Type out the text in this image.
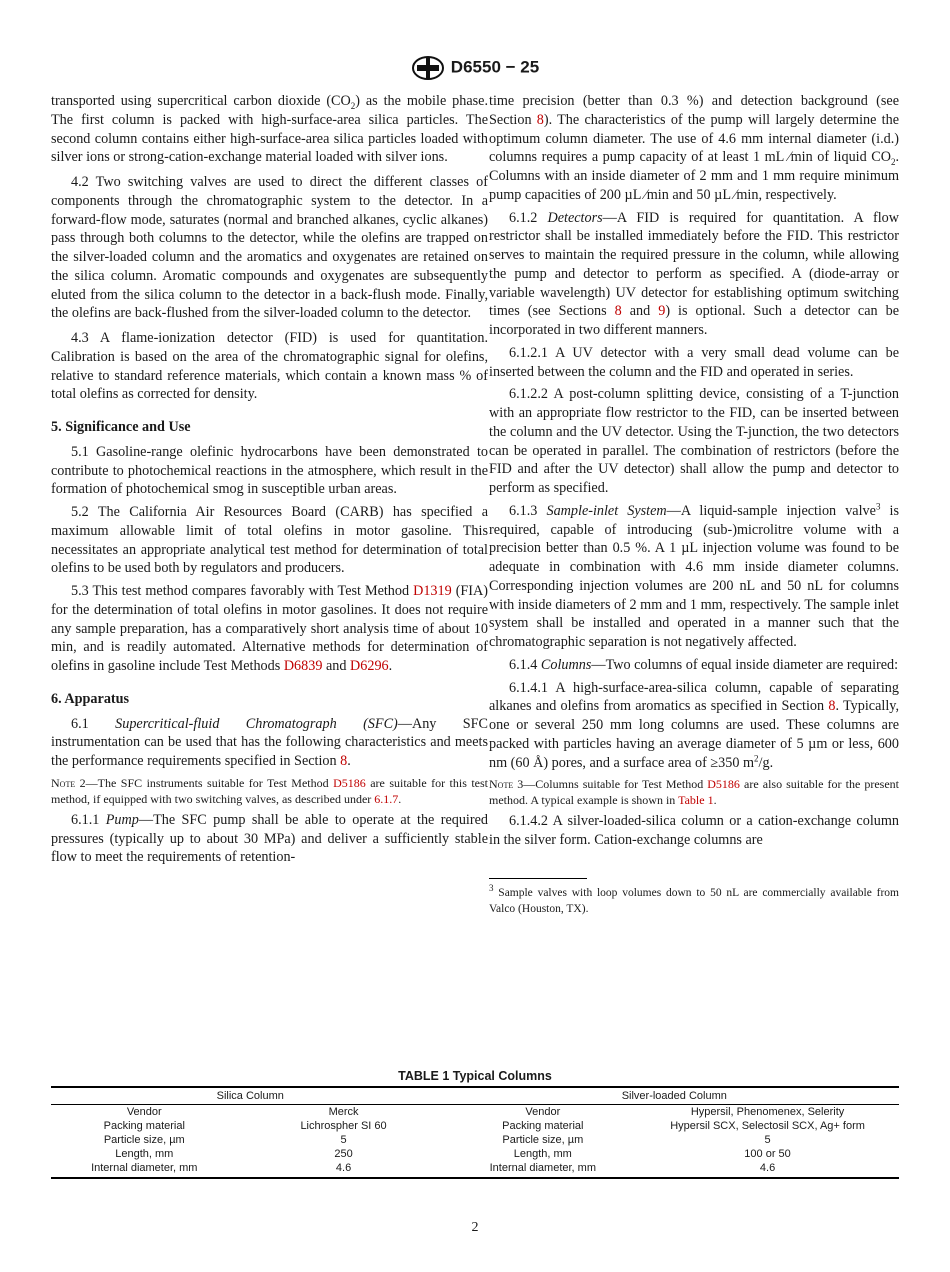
D6550 − 25

transported using supercritical carbon dioxide $(CO_2)$ as the mobile phase. The first column is packed with high-surface-area silica particles. The second column contains either high-surface-area silica particles loaded with silver ions or strong-cation-exchange material loaded with silver ions.

4.2 Two switching valves are used to direct the different classes of components through the chromatographic system to the detector. In a forward-flow mode, saturates (normal and branched alkanes, cyclic alkanes) pass through both columns to the detector, while the olefins are trapped on the silver-loaded column and the aromatics and oxygenates are retained on the silica column. Aromatic compounds and oxygenates are subsequently eluted from the silica column to the detector in a back-flush mode. Finally, the olefins are back-flushed from the silver-loaded column to the detector.

4.3 A flame-ionization detector (FID) is used for quantitation. Calibration is based on the area of the chromatographic signal for olefins, relative to standard reference materials, which contain a known mass % of total olefins as corrected for density.

5. Significance and Use

5.1 Gasoline-range olefinic hydrocarbons have been demonstrated to contribute to photochemical reactions in the atmosphere, which result in the formation of photochemical smog in susceptible urban areas.

5.2 The California Air Resources Board (CARB) has specified a maximum allowable limit of total olefins in motor gasoline. This necessitates an appropriate analytical test method for determination of total olefins to be used both by regulators and producers.

5.3 This test method compares favorably with Test Method D1319 (FIA) for the determination of total olefins in motor gasolines. It does not require any sample preparation, has a comparatively short analysis time of about 10 min, and is readily automated. Alternative methods for determination of olefins in gasoline include Test Methods D6839 and D6296.

6. Apparatus

6.1 Supercritical-fluid Chromatograph (SFC)—Any SFC instrumentation can be used that has the following characteristics and meets the performance requirements specified in Section 8.

Note 2—The SFC instruments suitable for Test Method D5186 are suitable for this test method, if equipped with two switching valves, as described under 6.1.7.

6.1.1 Pump—The SFC pump shall be able to operate at the required pressures (typically up to about 30 MPa) and deliver a sufficiently stable flow to meet the requirements of retention-

time precision (better than 0.3 %) and detection background (see Section 8). The characteristics of the pump will largely determine the optimum column diameter. The use of 4.6 mm internal diameter (i.d.) columns requires a pump capacity of at least 1 mL ⁄min of liquid $CO_2$. Columns with an inside diameter of 2 mm and 1 mm require minimum pump capacities of 200 µL ⁄min and 50 µL ⁄min, respectively.

6.1.2 Detectors—A FID is required for quantitation. A flow restrictor shall be installed immediately before the FID. This restrictor serves to maintain the required pressure in the column, while allowing the pump and detector to perform as specified. A (diode-array or variable wavelength) UV detector for establishing optimum switching times (see Sections 8 and 9) is optional. Such a detector can be incorporated in two different manners.

6.1.2.1 A UV detector with a very small dead volume can be inserted between the column and the FID and operated in series.

6.1.2.2 A post-column splitting device, consisting of a T-junction with an appropriate flow restrictor to the FID, can be inserted between the column and the UV detector. Using the T-junction, the two detectors can be operated in parallel. The combination of restrictors (before the FID and after the UV detector) shall allow the pump and detector to perform as specified.

6.1.3 Sample-inlet System—A liquid-sample injection valve$^3$ is required, capable of introducing (sub-)microlitre volume with a precision better than 0.5 %. A 1 µL injection volume was found to be adequate in combination with 4.6 mm inside diameter columns. Corresponding injection volumes are 200 nL and 50 nL for columns with inside diameters of 2 mm and 1 mm, respectively. The sample inlet system shall be installed and operated in a manner such that the chromatographic separation is not negatively affected.

6.1.4 Columns—Two columns of equal inside diameter are required:

6.1.4.1 A high-surface-area-silica column, capable of separating alkanes and olefins from aromatics as specified in Section 8. Typically, one or several 250 mm long columns are used. These columns are packed with particles having an average diameter of 5 µm or less, 600 nm (60 Å) pores, and a surface area of ≥350 $m^2/g$.

Note 3—Columns suitable for Test Method D5186 are also suitable for the present method. A typical example is shown in Table 1.

6.1.4.2 A silver-loaded-silica column or a cation-exchange column in the silver form. Cation-exchange columns are

$^3$ Sample valves with loop volumes down to 50 nL are commercially available from Valco (Houston, TX).

TABLE 1 Typical Columns
Silica Column		Silver-loaded Column	
Vendor	Merck	Vendor	Hypersil, Phenomenex, Selerity
Packing material	Lichrospher SI 60	Packing material	Hypersil SCX, Selectosil SCX, Ag+ form
Particle size, µm	5	Particle size, µm	5
Length, mm	250	Length, mm	100 or 50
Internal diameter, mm	4.6	Internal diameter, mm	4.6
2
